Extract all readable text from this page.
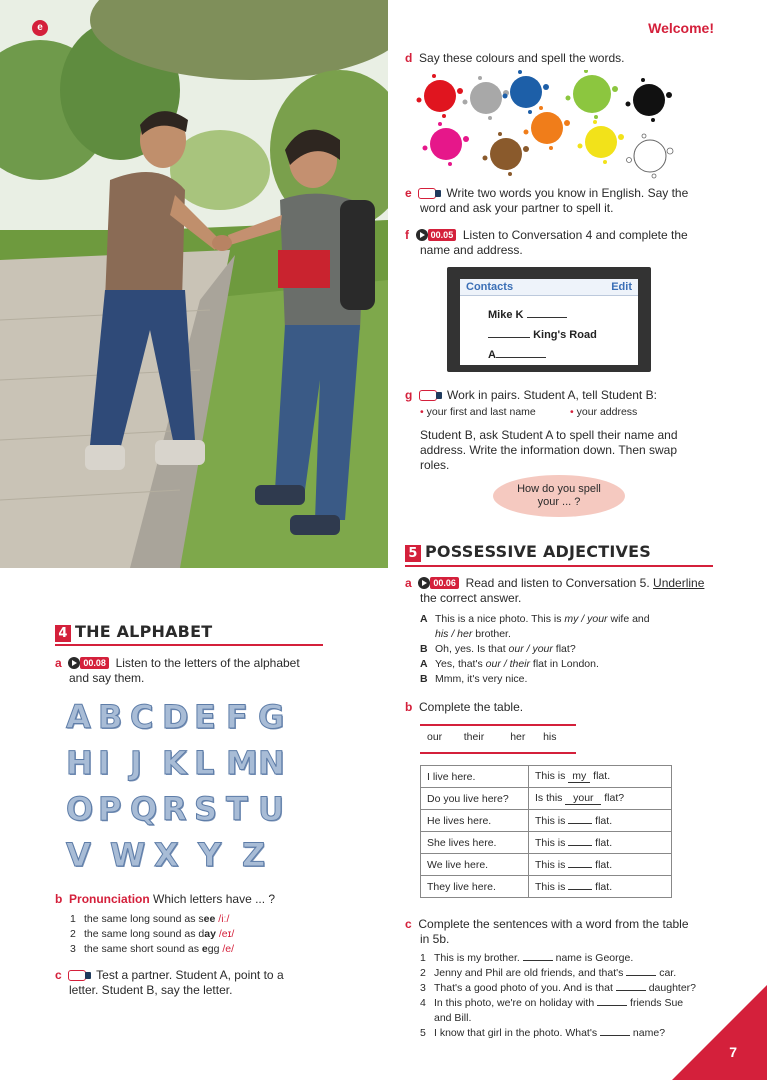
e	Welcome!
d Say these colours and spell the words.
e	Write two words you know in English. Say the
word and ask your partner to spell it.
f 00.05 Listen to Conversation 4 and complete the
name and address.
Contacts	Edit
Mike K
King's Road
A
g	Work in pairs. Student A, tell Student B:
• your first and last name	• your address
Student B, ask Student A to spell their name and
address. Write the information down. Then swap
roles.
How do you spell
your ... ?
5 POSSESSIVE ADJECTIVES
a 00.06 Read and listen to Conversation 5. Underline
the correct answer.
A This is a nice photo. This is my / your wife and
his / her brother.
B Oh, yes. Is that our / your flat?
A Yes, that's our / their flat in London.
B Mmm, it's very nice.
b Complete the table.
our	their	her	his
I live here.	This is my flat.
Do you live here?	Is this your flat?
He lives here.	This is  flat.
She lives here.	This is  flat.
We live here.	This is  flat.
They live here.	This is  flat.
c Complete the sentences with a word from the table
in 5b.
1 This is my brother.	name is George.
2 Jenny and Phil are old friends, and that's	car.
3 That's a good photo of you. And is that	daughter?
4 In this photo, we're on holiday with	friends Sue
and Bill.
5 I know that girl in the photo. What's	name?
4 THE ALPHABET
a 00.08 Listen to the letters of the alphabet
and say them.
A B C D E F G
H I J K L M N
O P Q R S T U
V W X Y Z
b Pronunciation Which letters have ... ?
1 the same long sound as see /iː/
2 the same long sound as day /eɪ/
3 the same short sound as egg /e/
c	Test a partner. Student A, point to a
letter. Student B, say the letter.
7
